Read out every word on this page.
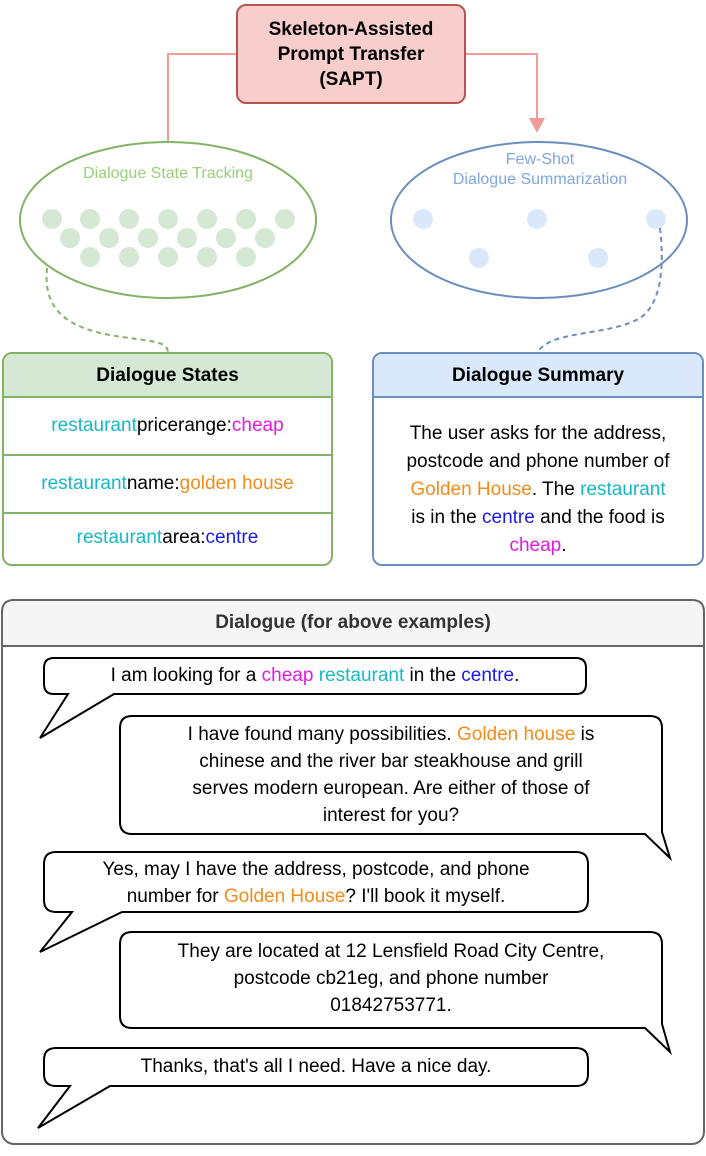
Skeleton-Assisted
Prompt Transfer
(SAPT)
Dialogue State Tracking
Few-Shot
Dialogue Summarization
Dialogue States
restaurant pricerange: cheap
restaurant name: golden house
restaurant area: centre
Dialogue Summary
The user asks for the address,
postcode and phone number of
Golden House. The restaurant
is in the centre and the food is
cheap.
Dialogue (for above examples)
I am looking for a cheap restaurant in the centre.
I have found many possibilities. Golden house is
chinese and the river bar steakhouse and grill
serves modern european. Are either of those of
interest for you?
Yes, may I have the address, postcode, and phone
number for Golden House? I'll book it myself.
They are located at 12 Lensfield Road City Centre,
postcode cb21eg, and phone number
01842753771.
Thanks, that's all I need. Have a nice day.
